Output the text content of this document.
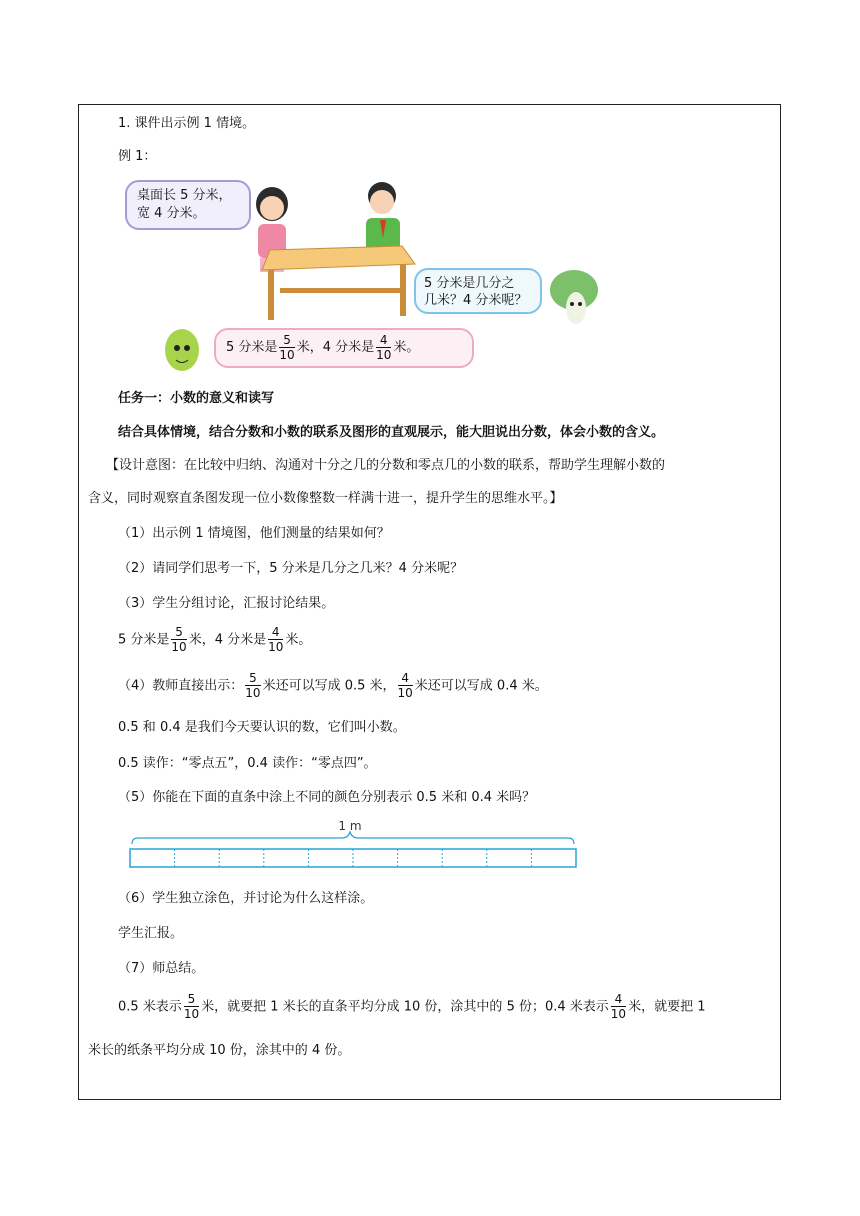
1. 课件出示例 1 情境。
例 1：
桌面长 5 分米，
宽 4 分米。
5 分米是几分之
几米？4 分米呢？
5 分米是 $\frac{5}{10}$ 米，4 分米是 $\frac{4}{10}$ 米。
任务一：小数的意义和读写
结合具体情境，结合分数和小数的联系及图形的直观展示，能大胆说出分数，体会小数的含义。
【设计意图：在比较中归纳、沟通对十分之几的分数和零点几的小数的联系，帮助学生理解小数的
含义，同时观察直条图发现一位小数像整数一样满十进一，提升学生的思维水平。】
（1）出示例 1 情境图，他们测量的结果如何？
（2）请同学们思考一下，5 分米是几分之几米？4 分米呢？
（3）学生分组讨论，汇报讨论结果。
5 分米是 $\frac{5}{10}$ 米，4 分米是 $\frac{4}{10}$ 米。
（4）教师直接出示： $\frac{5}{10}$ 米还可以写成 0.5 米， $\frac{4}{10}$ 米还可以写成 0.4 米。
0.5 和 0.4 是我们今天要认识的数，它们叫小数。
0.5 读作：“零点五”，0.4 读作：“零点四”。
（5）你能在下面的直条中涂上不同的颜色分别表示 0.5 米和 0.4 米吗？
1 m
（6）学生独立涂色，并讨论为什么这样涂。
学生汇报。
（7）师总结。
0.5 米表示 $\frac{5}{10}$ 米，就要把 1 米长的直条平均分成 10 份，涂其中的 5 份；0.4 米表示 $\frac{4}{10}$ 米，就要把 1
米长的纸条平均分成 10 份，涂其中的 4 份。
